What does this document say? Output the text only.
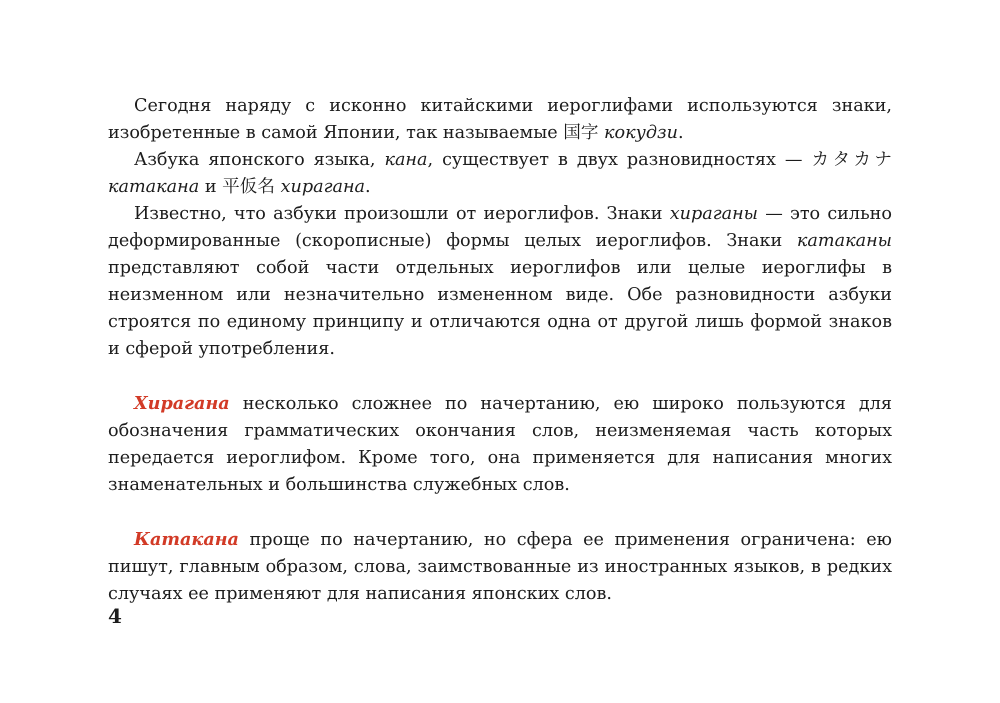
Сегодня наряду с исконно китайскими иероглифами используются знаки, изобретенные в самой Японии, так называемые 国字 кокудзи.

Азбука японского языка, кана, существует в двух разновидностях — カタカナ катакана и 平仮名 хирагана.

Известно, что азбуки произошли от иероглифов. Знаки хираганы — это сильно деформированные (скорописные) формы целых иероглифов. Знаки катаканы представляют собой части отдельных иероглифов или целые иероглифы в неизменном или незначительно измененном виде. Обе разновидности азбуки строятся по единому принципу и отличаются одна от другой лишь формой знаков и сферой употребления.

Хирагана несколько сложнее по начертанию, ею широко пользуются для обозначения грамматических окончания слов, неизменяемая часть которых передается иероглифом. Кроме того, она применяется для написания многих знаменательных и большинства служебных слов.

Катакана проще по начертанию, но сфера ее применения ограничена: ею пишут, главным образом, слова, заимствованные из иностранных языков, в редких случаях ее применяют для написания японских слов.

4
